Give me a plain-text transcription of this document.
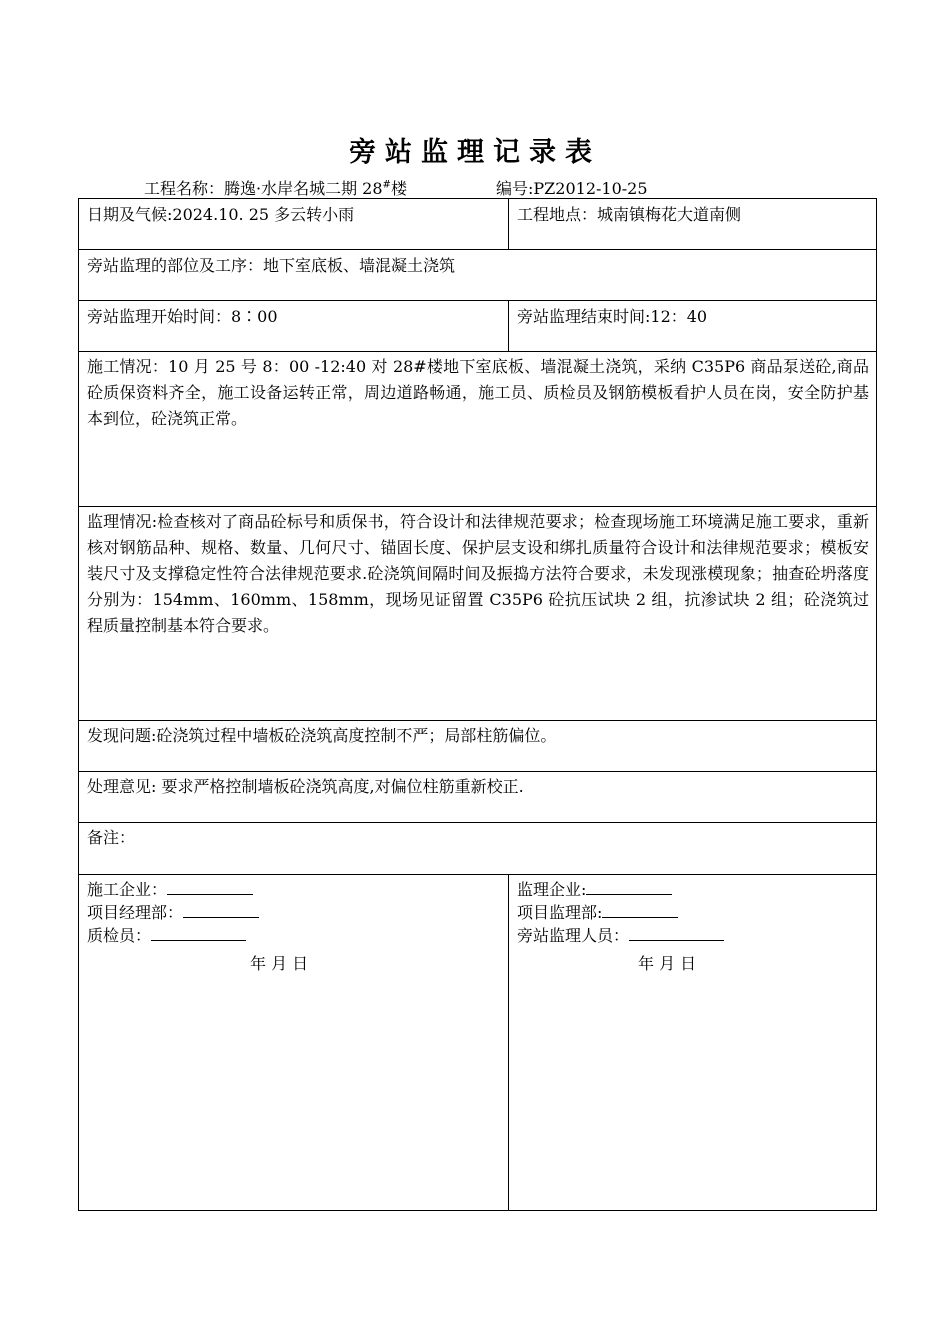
旁站监理记录表
工程名称：腾逸·水岸名城二期 28#楼	编号:PZ2012-10-25
日期及气候:2024.10. 25 多云转小雨	工程地点：城南镇梅花大道南侧
旁站监理的部位及工序：地下室底板、墙混凝土浇筑
旁站监理开始时间：8∶00	旁站监理结束时间:12：40
施工情况：10 月 25 号 8：00 -12:40 对 28#楼地下室底板、墙混凝土浇筑，采纳 C35P6 商品泵送砼,商品砼质保资料齐全，施工设备运转正常，周边道路畅通，施工员、质检员及钢筋模板看护人员在岗，安全防护基本到位，砼浇筑正常。
监理情况:检查核对了商品砼标号和质保书，符合设计和法律规范要求；检查现场施工环境满足施工要求，重新核对钢筋品种、规格、数量、几何尺寸、锚固长度、保护层支设和绑扎质量符合设计和法律规范要求；模板安装尺寸及支撑稳定性符合法律规范要求.砼浇筑间隔时间及振捣方法符合要求，未发现涨模现象；抽查砼坍落度分别为：154mm、160mm、158mm，现场见证留置 C35P6 砼抗压试块 2 组，抗渗试块 2 组；砼浇筑过程质量控制基本符合要求。
发现问题:砼浇筑过程中墙板砼浇筑高度控制不严；局部柱筋偏位。
处理意见: 要求严格控制墙板砼浇筑高度,对偏位柱筋重新校正.
备注：
施工企业：
项目经理部：
质检员：
年 月 日
监理企业:
项目监理部:
旁站监理人员：
年 月 日
